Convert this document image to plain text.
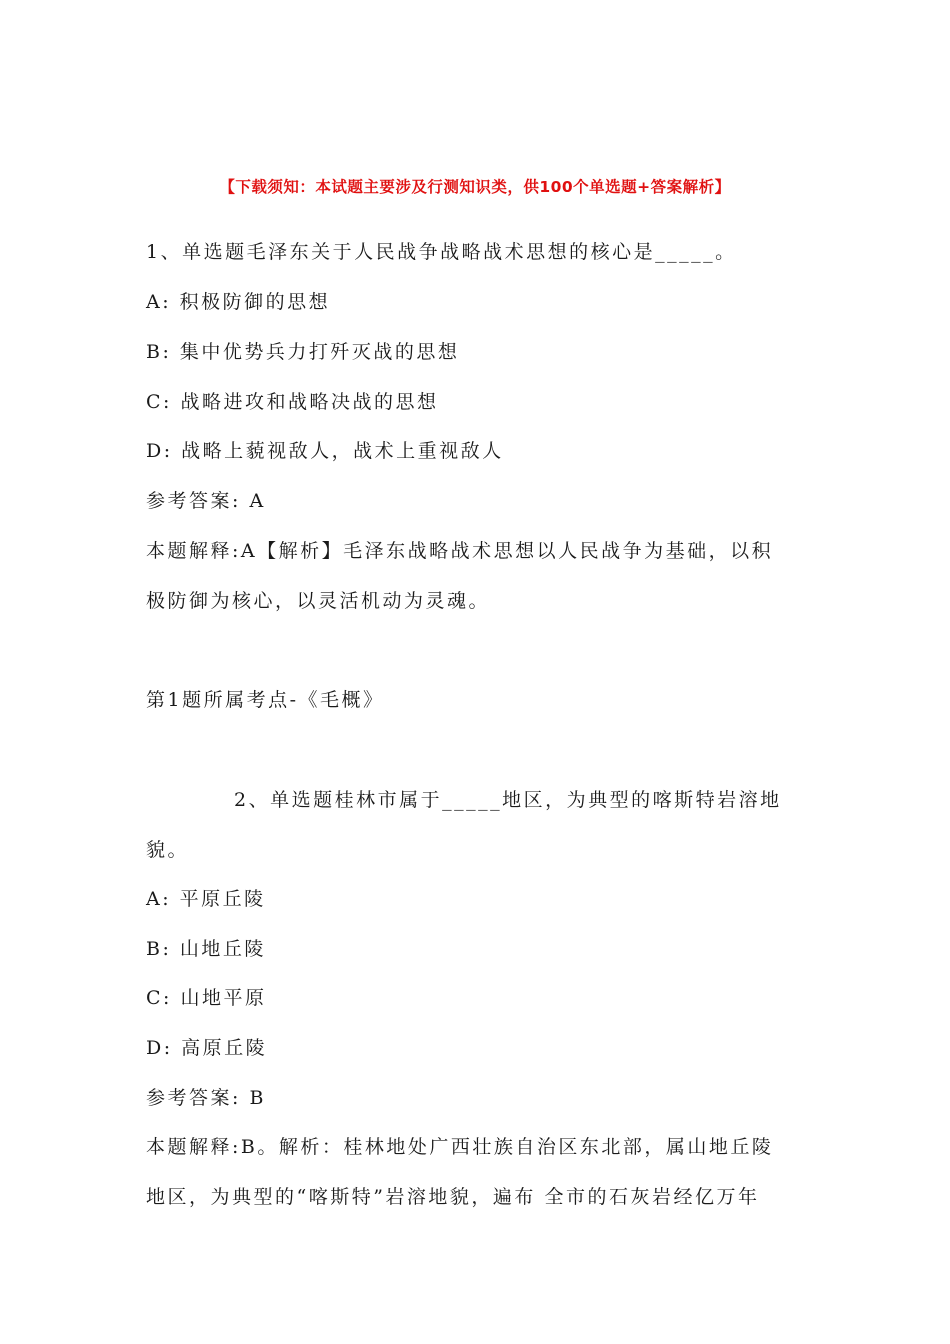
【下载须知：本试题主要涉及行测知识类，供100个单选题+答案解析】
1、单选题毛泽东关于人民战争战略战术思想的核心是_____。
A: 积极防御的思想
B: 集中优势兵力打歼灭战的思想
C: 战略进攻和战略决战的思想
D: 战略上藐视敌人，战术上重视敌人
参考答案: A
本题解释:A【解析】毛泽东战略战术思想以人民战争为基础，以积
极防御为核心，以灵活机动为灵魂。
第1题所属考点-《毛概》
2、单选题桂林市属于_____地区，为典型的喀斯特岩溶地
貌。
A: 平原丘陵
B: 山地丘陵
C: 山地平原
D: 高原丘陵
参考答案: B
本题解释:B。解析：桂林地处广西壮族自治区东北部，属山地丘陵
地区，为典型的“喀斯特”岩溶地貌，遍布 全市的石灰岩经亿万年
